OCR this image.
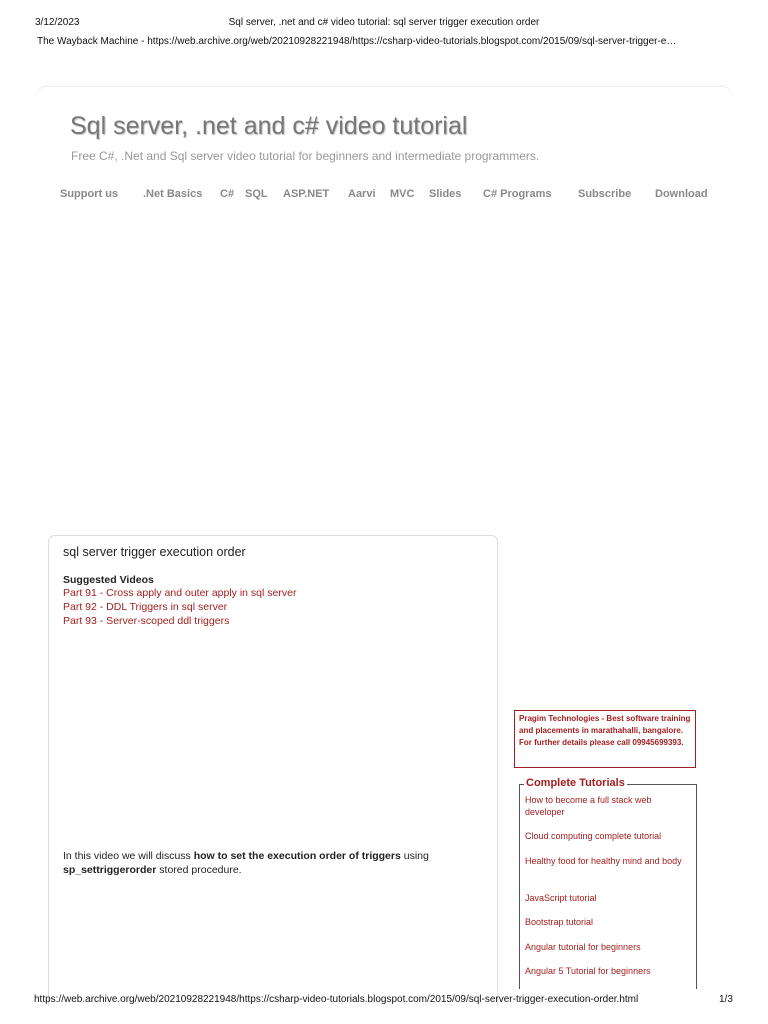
3/12/2023	Sql server, .net and c# video tutorial: sql server trigger execution order
The Wayback Machine - https://web.archive.org/web/20210928221948/https://csharp-video-tutorials.blogspot.com/2015/09/sql-server-trigger-e…
Sql server, .net and c# video tutorial
Free C#, .Net and Sql server video tutorial for beginners and intermediate programmers.
Support us .Net Basics C# SQL ASP.NET Aarvi MVC Slides C# Programs Subscribe Download
sql server trigger execution order
Suggested Videos
Part 91 - Cross apply and outer apply in sql server
Part 92 - DDL Triggers in sql server
Part 93 - Server-scoped ddl triggers
In this video we will discuss how to set the execution order of triggers using sp_settriggerorder stored procedure.
Pragim Technologies - Best software training and placements in marathahalli, bangalore. For further details please call 09945699393.
Complete Tutorials
How to become a full stack web developer
Cloud computing complete tutorial
Healthy food for healthy mind and body
JavaScript tutorial
Bootstrap tutorial
Angular tutorial for beginners
Angular 5 Tutorial for beginners
https://web.archive.org/web/20210928221948/https://csharp-video-tutorials.blogspot.com/2015/09/sql-server-trigger-execution-order.html	1/3
